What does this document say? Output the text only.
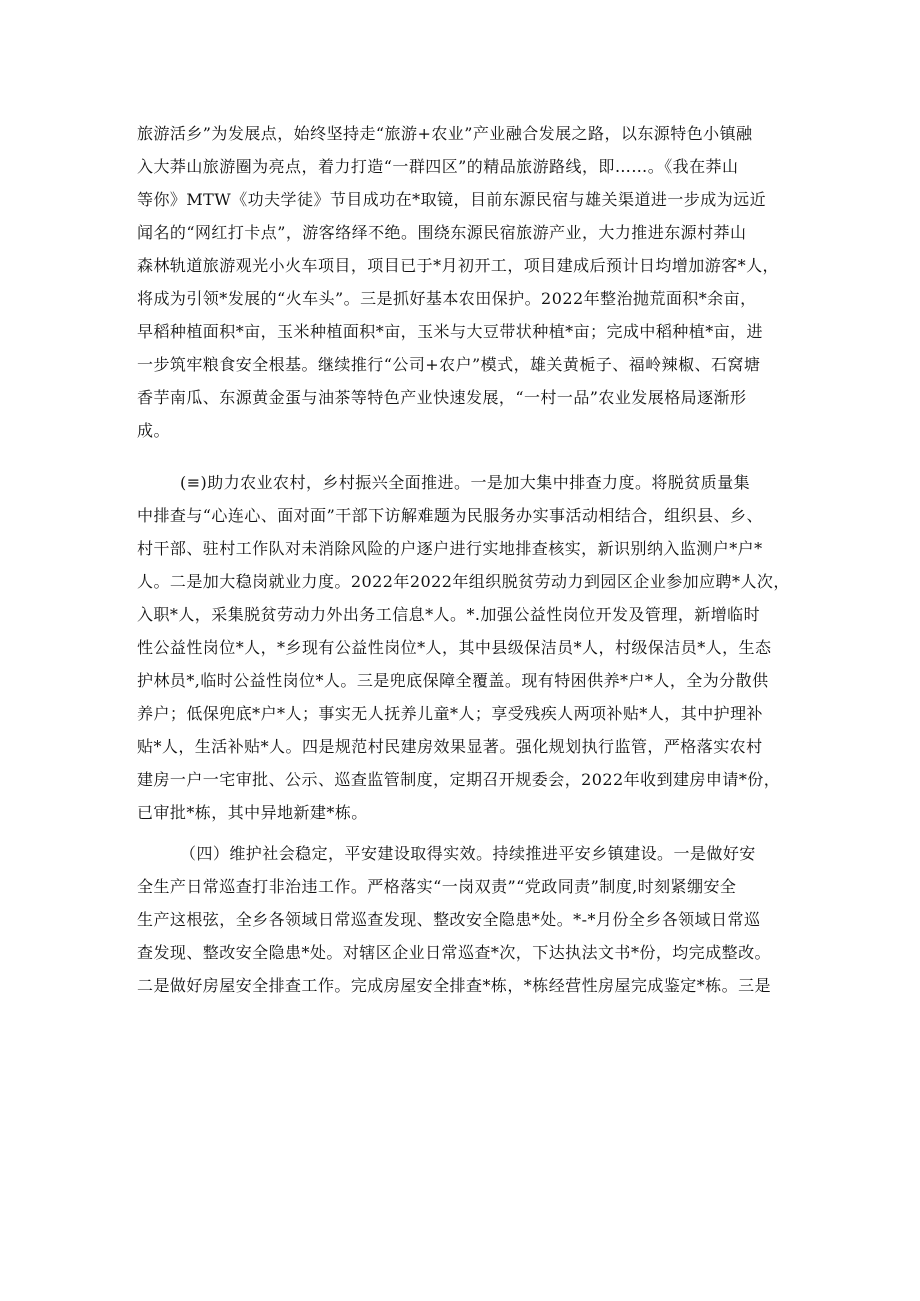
旅游活乡”为发展点，始终坚持走“旅游+农业”产业融合发展之路，以东源特色小镇融
入大莽山旅游圈为亮点，着力打造“一群四区”的精品旅游路线，即……。《我在莽山
等你》MTW《功夫学徒》节目成功在*取镜，目前东源民宿与雄关渠道进一步成为远近
闻名的“网红打卡点”，游客络绎不绝。围绕东源民宿旅游产业，大力推进东源村莽山
森林轨道旅游观光小火车项目，项目已于*月初开工，项目建成后预计日均增加游客*人，
将成为引领*发展的“火车头”。三是抓好基本农田保护。2022年整治抛荒面积*余亩，
早稻种植面积*亩，玉米种植面积*亩，玉米与大豆带状种植*亩；完成中稻种植*亩，进
一步筑牢粮食安全根基。继续推行“公司+农户”模式，雄关黄栀子、福岭辣椒、石窝塘
香芋南瓜、东源黄金蛋与油茶等特色产业快速发展，“一村一品”农业发展格局逐渐形
成。
(≡)助力农业农村，乡村振兴全面推进。一是加大集中排查力度。将脱贫质量集
中排查与“心连心、面对面”干部下访解难题为民服务办实事活动相结合，组织县、乡、
村干部、驻村工作队对未消除风险的户逐户进行实地排查核实，新识别纳入监测户*户*
人。二是加大稳岗就业力度。2022年2022年组织脱贫劳动力到园区企业参加应聘*人次，
入职*人，采集脱贫劳动力外出务工信息*人。*.加强公益性岗位开发及管理，新增临时
性公益性岗位*人，*乡现有公益性岗位*人，其中县级保洁员*人，村级保洁员*人，生态
护林员*,临时公益性岗位*人。三是兜底保障全覆盖。现有特困供养*户*人，全为分散供
养户；低保兜底*户*人；事实无人抚养儿童*人；享受残疾人两项补贴*人，其中护理补
贴*人，生活补贴*人。四是规范村民建房效果显著。强化规划执行监管，严格落实农村
建房一户一宅审批、公示、巡查监管制度，定期召开规委会，2022年收到建房申请*份，
已审批*栋，其中异地新建*栋。
（四）维护社会稳定，平安建设取得实效。持续推进平安乡镇建设。一是做好安
全生产日常巡查打非治违工作。严格落实“一岗双责”“党政同责”制度,时刻紧绷安全
生产这根弦，全乡各领域日常巡查发现、整改安全隐患*处。*-*月份全乡各领域日常巡
查发现、整改安全隐患*处。对辖区企业日常巡查*次，下达执法文书*份，均完成整改。
二是做好房屋安全排查工作。完成房屋安全排查*栋，*栋经营性房屋完成鉴定*栋。三是
